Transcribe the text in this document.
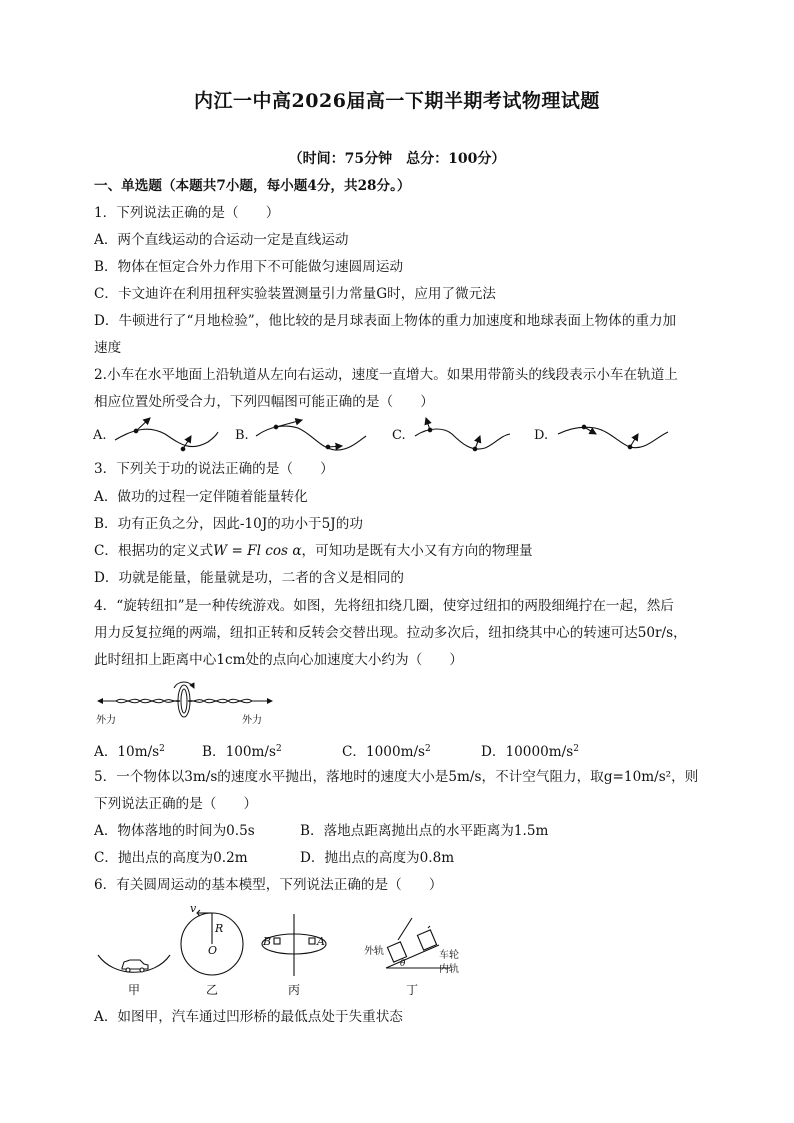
内江一中高2026届高一下期半期考试物理试题
（时间：75分钟　总分：100分）
一、单选题（本题共7小题，每小题4分，共28分。）
1．下列说法正确的是（　　）
A．两个直线运动的合运动一定是直线运动
B．物体在恒定合外力作用下不可能做匀速圆周运动
C．卡文迪许在利用扭秤实验装置测量引力常量G时，应用了微元法
D．牛顿进行了“月地检验”，他比较的是月球表面上物体的重力加速度和地球表面上物体的重力加
速度
2.小车在水平地面上沿轨道从左向右运动，速度一直增大。如果用带箭头的线段表示小车在轨道上
相应位置处所受合力，下列四幅图可能正确的是（　　）
A.	B.	C.	D.
3．下列关于功的说法正确的是（　　）
A．做功的过程一定伴随着能量转化
B．功有正负之分，因此-10J的功小于5J的功
C．根据功的定义式W = Fl cos α，可知功是既有大小又有方向的物理量
D．功就是能量，能量就是功，二者的含义是相同的
4．“旋转纽扣”是一种传统游戏。如图，先将纽扣绕几圈，使穿过纽扣的两股细绳拧在一起，然后
用力反复拉绳的两端，纽扣正转和反转会交替出现。拉动多次后，纽扣绕其中心的转速可达50r/s，
此时纽扣上距离中心1cm处的点向心加速度大小约为（　　）
外力	外力
A．$10m/s^2$	B．$100m/s^2$	C．$1000m/s^2$	D．$10000m/s^2$
5．一个物体以3m/s的速度水平抛出，落地时的速度大小是5m/s，不计空气阻力，取g=10m/s²，则
下列说法正确的是（　　）
A．物体落地的时间为0.5s	B．落地点距离抛出点的水平距离为1.5m
C．抛出点的高度为0.2m	D．抛出点的高度为0.8m
6．有关圆周运动的基本模型，下列说法正确的是（　　）
v
R
O
B	A
外轨	车轮
内轨
θ
甲	乙	丙	丁
A．如图甲，汽车通过凹形桥的最低点处于失重状态
